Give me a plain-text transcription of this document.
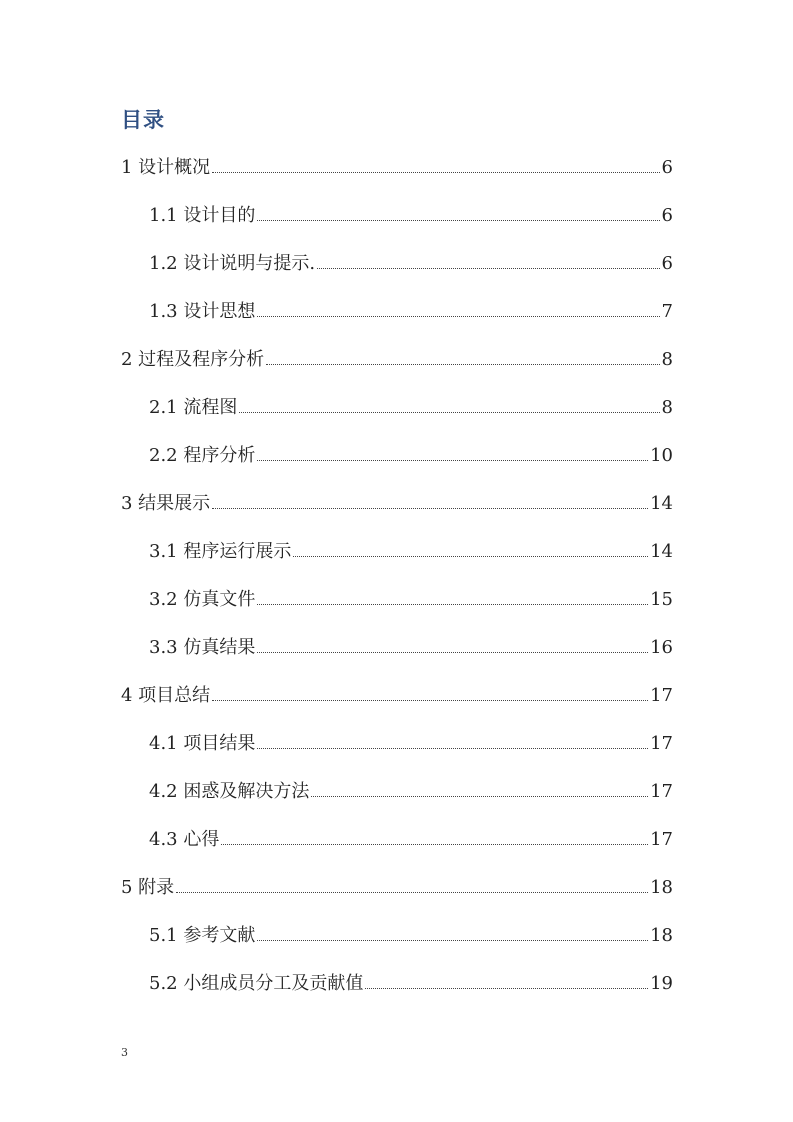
目录
1 设计概况	6
1.1 设计目的	6
1.2 设计说明与提示.	6
1.3 设计思想	7
2 过程及程序分析	8
2.1 流程图	8
2.2 程序分析	10
3 结果展示	14
3.1 程序运行展示	14
3.2 仿真文件	15
3.3 仿真结果	16
4 项目总结	17
4.1 项目结果	17
4.2 困惑及解决方法	17
4.3 心得	17
5 附录	18
5.1 参考文献	18
5.2 小组成员分工及贡献值	19
3
